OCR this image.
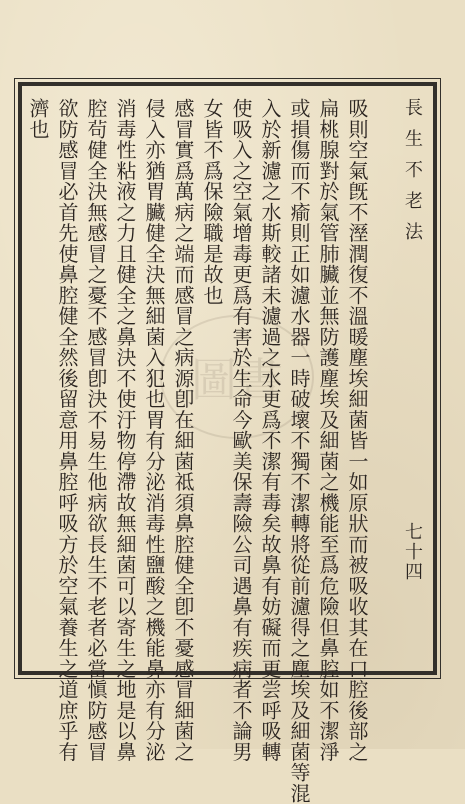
長生不老法
七十四
圖書	吸則空氣旣不溼潤復不溫暖塵埃細菌皆一如原狀而被吸收其在口腔後部之
扁桃腺對於氣管肺臟並無防護塵埃及細菌之機能至爲危險但鼻腔如不潔淨
或損傷而不瘉則正如濾水器一時破壞不獨不潔轉將從前濾得之塵埃及細菌等混
入於新濾之水斯較諸未濾過之水更爲不潔有毒矣故鼻有妨礙而更尝呼吸轉
使吸入之空氣增毒更爲有害於生命今歐美保壽險公司遇鼻有疾病者不論男
女皆不爲保險職是故也
感冒實爲萬病之端而感冒之病源卽在細菌祗須鼻腔健全卽不憂感冒細菌之
侵入亦猶胃臟健全決無細菌入犯也胃有分泌消毒性鹽酸之機能鼻亦有分泌
消毒性粘液之力且健全之鼻決不使汙物停滯故無細菌可以寄生之地是以鼻
腔茍健全決無感冒之憂不感冒卽決不易生他病欲長生不老者必當愼防感冒
欲防感冒必首先使鼻腔健全然後留意用鼻腔呼吸方於空氣養生之道庶乎有
濟也
